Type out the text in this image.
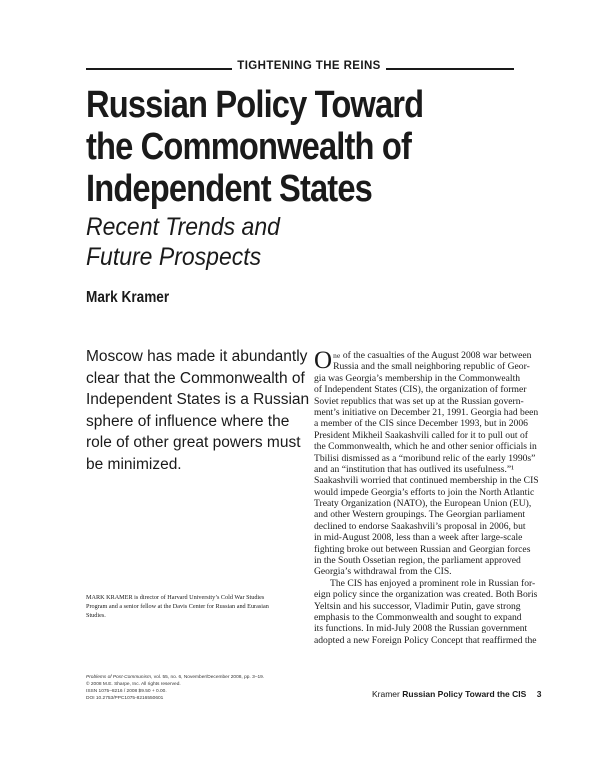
TIGHTENING THE REINS
Russian Policy Toward
the Commonwealth of
Independent States
Recent Trends and
Future Prospects
Mark Kramer
Moscow has made it abundantly
clear that the Commonwealth of
Independent States is a Russian
sphere of influence where the
role of other great powers must
be minimized.
MARK KRAMER is director of Harvard University’s Cold War Studies
Program and a senior fellow at the Davis Center for Russian and Eurasian
Studies.
O ne of the casualties of the August 2008 war between
Russia and the small neighboring republic of Geor-
gia was Georgia’s membership in the Commonwealth
of Independent States (CIS), the organization of former
Soviet republics that was set up at the Russian govern-
ment’s initiative on December 21, 1991. Georgia had been
a member of the CIS since December 1993, but in 2006
President Mikheil Saakashvili called for it to pull out of
the Commonwealth, which he and other senior officials in
Tbilisi dismissed as a “moribund relic of the early 1990s”
and an “institution that has outlived its usefulness.”¹
Saakashvili worried that continued membership in the CIS
would impede Georgia’s efforts to join the North Atlantic
Treaty Organization (NATO), the European Union (EU),
and other Western groupings. The Georgian parliament
declined to endorse Saakashvili’s proposal in 2006, but
in mid-August 2008, less than a week after large-scale
fighting broke out between Russian and Georgian forces
in the South Ossetian region, the parliament approved
Georgia’s withdrawal from the CIS.
The CIS has enjoyed a prominent role in Russian for-
eign policy since the organization was created. Both Boris
Yeltsin and his successor, Vladimir Putin, gave strong
emphasis to the Commonwealth and sought to expand
its functions. In mid-July 2008 the Russian government
adopted a new Foreign Policy Concept that reaffirmed the
Problems of Post-Communism, vol. 55, no. 6, November/December 2008, pp. 3–19.
© 2008 M.E. Sharpe, Inc. All rights reserved.
ISSN 1075–8216 / 2008 $9.50 + 0.00.
DOI 10.2753/PPC1075-8216550601	Kramer Russian Policy Toward the CIS 3
